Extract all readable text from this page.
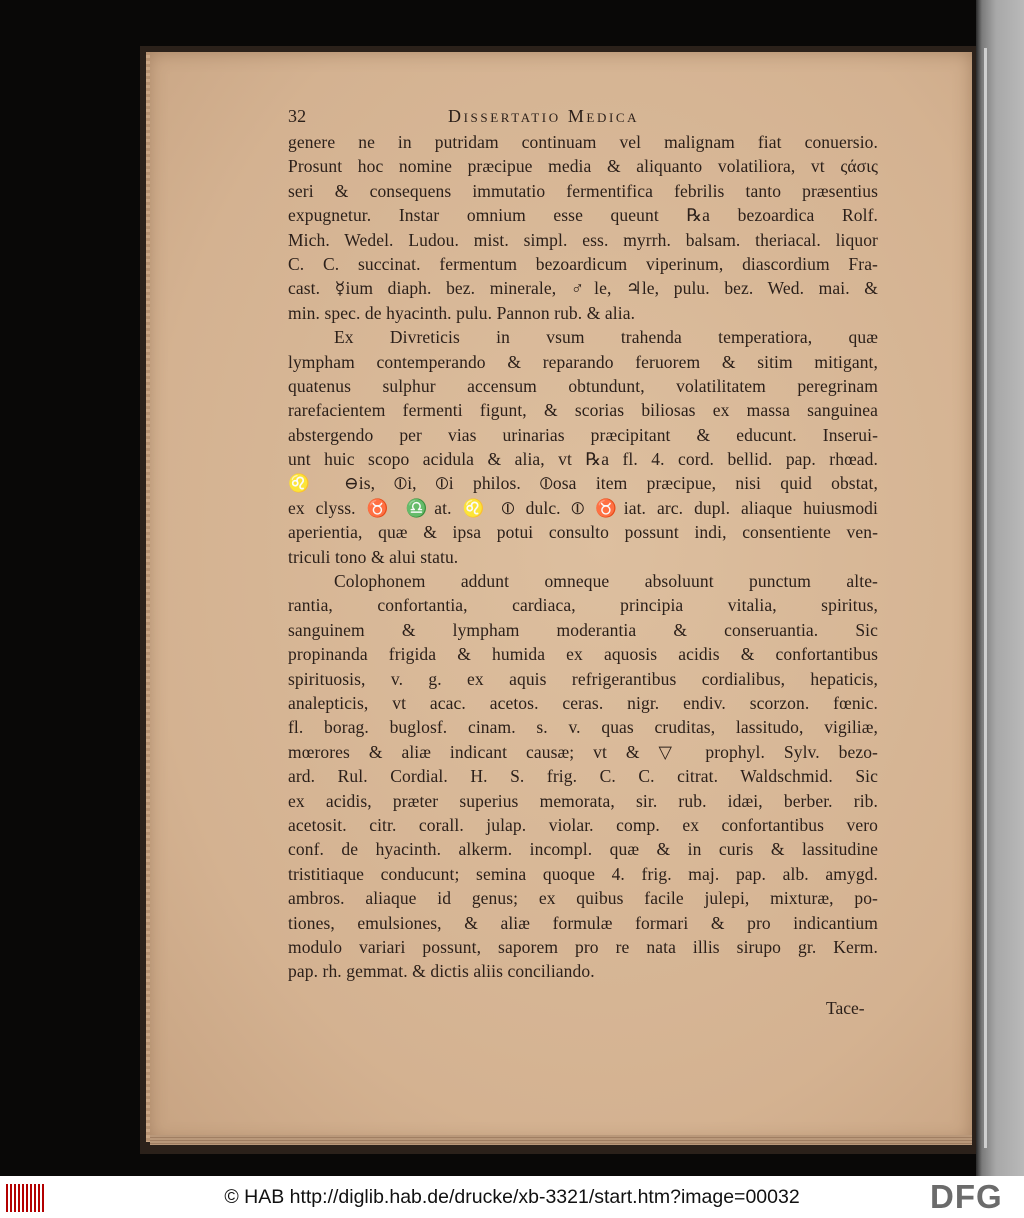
32	Dissertatio Medica
genere ne in putridam continuam vel malignam fiat conuersio.
Prosunt hoc nomine præcipue media & aliquanto volatiliora, vt ςάσις
seri & consequens immutatio fermentifica febrilis tanto præsentius
expugnetur. Instar omnium esse queunt ℞a bezoardica Rolf.
Mich. Wedel. Ludou. mist. simpl. ess. myrrh. balsam. theriacal. liquor
C. C. succinat. fermentum bezoardicum viperinum, diascordium Fra-
cast. ☿ium diaph. bez. minerale, ♂le, ♃le, pulu. bez. Wed. mai. &
min. spec. de hyacinth. pulu. Pannon rub. & alia.
Ex Divreticis in vsum trahenda temperatiora, quæ
lympham contemperando & reparando feruorem & sitim mitigant,
quatenus sulphur accensum obtundunt, volatilitatem peregrinam
rarefacientem fermenti figunt, & scorias biliosas ex massa sanguinea
abstergendo per vias urinarias præcipitant & educunt. Inserui-
unt huic scopo acidula & alia, vt ℞a fl. 4. cord. bellid. pap. rhœad.
♌ ⊖is, ⦶i, ⦶i philos. ⦶osa item præcipue, nisi quid obstat,
ex clyss. ♉ ♎at. ♌ ⦶ dulc. ⦶ ♉iat. arc. dupl. aliaque huiusmodi
aperientia, quæ & ipsa potui consulto possunt indi, consentiente ven-
triculi tono & alui statu.
Colophonem addunt omneque absoluunt punctum alte-
rantia, confortantia, cardiaca, principia vitalia, spiritus,
sanguinem & lympham moderantia & conseruantia. Sic
propinanda frigida & humida ex aquosis acidis & confortantibus
spirituosis, v. g. ex aquis refrigerantibus cordialibus, hepaticis,
analepticis, vt acac. acetos. ceras. nigr. endiv. scorzon. fœnic.
fl. borag. buglosf. cinam. s. v. quas cruditas, lassitudo, vigiliæ,
mœrores & aliæ indicant causæ; vt & ▽ prophyl. Sylv. bezo-
ard. Rul. Cordial. H. S. frig. C. C. citrat. Waldschmid. Sic
ex acidis, præter superius memorata, sir. rub. idæi, berber. rib.
acetosit. citr. corall. julap. violar. comp. ex confortantibus vero
conf. de hyacinth. alkerm. incompl. quæ & in curis & lassitudine
tristitiaque conducunt; semina quoque 4. frig. maj. pap. alb. amygd.
ambros. aliaque id genus; ex quibus facile julepi, mixturæ, po-
tiones, emulsiones, & aliæ formulæ formari & pro indicantium
modulo variari possunt, saporem pro re nata illis sirupo gr. Kerm.
pap. rh. gemmat. & dictis aliis conciliando.
Tace-
© HAB http://diglib.hab.de/drucke/xb-3321/start.htm?image=00032	DFG
